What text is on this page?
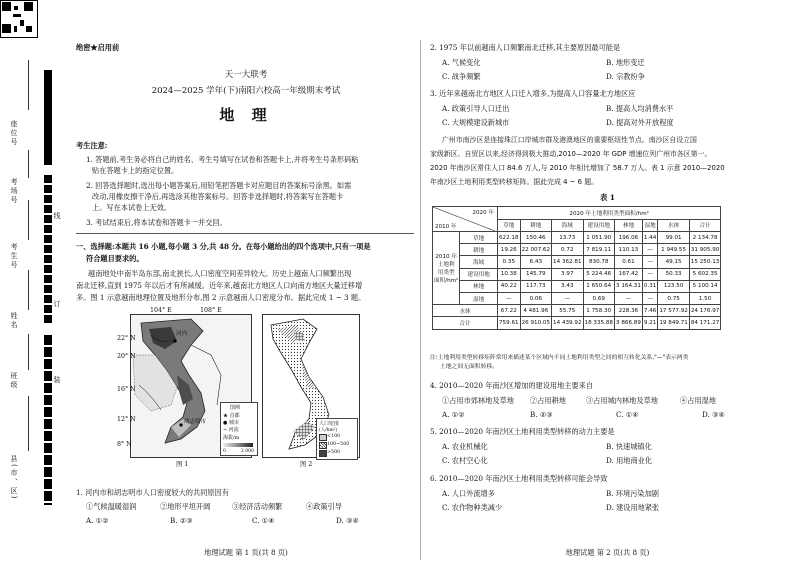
座位号
考场号
考生号
姓名
班级
县(市、区)
线
订
装
绝密★启用前
天一大联考
2024—2025 学年(下)南阳六校高一年级期末考试
地 理
考生注意:
1. 答题前,考生务必将自己的姓名、考生号填写在试卷和答题卡上,并将考生号条形码粘
贴在答题卡上的指定位置。
2. 回答选择题时,选出每小题答案后,用铅笔把答题卡对应题目的答案标号涂黑。如需
改动,用橡皮擦干净后,再选涂其他答案标号。回答非选择题时,将答案写在答题卡
上。写在本试卷上无效。
3. 考试结束后,将本试卷和答题卡一并交回。
一、选择题:本题共 16 小题,每小题 3 分,共 48 分。在每小题给出的四个选项中,只有一项是
符合题目要求的。
越南地处中南半岛东部,南北狭长,人口密度空间差异较大。历史上越南人口频繁出现
南北迁移,直到 1975 年以后才有所减缓。近年来,越南北方地区人口向南方地区大量迁移增
多。图 1 示意越南地理位置及地形分布,图 2 示意越南人口密度分布。据此完成 1 ~ 3 题。
104° E	108° E
22° N
20° N
16° N
12° N
8° N
河内
胡志明市
图例
★ 首都
● 城市
~ 河流
海拔/m
0	2 000
图 1
人口密度
(人/km²)
<100
100~500
>500
图 2
1. 河内市和胡志明市人口密度较大的共同原因有
①气候温暖湿润	②地形平坦开阔	③经济活动频繁	④政策引导
A. ①②	B. ②③	C. ①④	D. ③④
地理试题 第 1 页(共 8 页)
2. 1975 年以前越南人口频繁南北迁移,其主要原因最可能是
A. 气候变化	B. 地形变迁
C. 战争频繁	D. 宗教纷争
3. 近年来越南北方地区人口迁入增多,为提高人口容量北方地区应
A. 政策引导人口迁出	B. 提高人均消费水平
C. 大规模建设新城市	D. 提高对外开放程度
广州市南沙区是连接珠江口岸城市群及港澳地区的重要枢纽性节点。南沙区自设立国
家级新区、自贸区以来,经济得到极大推动,2010—2020 年 GDP 增速位列广州市各区第一。
2020 年南沙区常住人口 84.6 万人,与 2010 年相比增加了 58.7 万人。表 1 示意 2010—2020
年南沙区土地利用类型转移矩阵。据此完成 4 ~ 6 题。
表 1
2020 年
2010 年		2020 年土地利用类型面积/hm²							
		草地	耕地	海域	建设用地	林地	湿地	水体	合计

2010 年
土地利
用类型
面积/hm²	草地	622.18	150.46	13.73	1 051.90	196.06	1.44	99.01	2 134.78
	耕地	19.26	22 007.62	0.72	7 819.11	110.13	—	1 949.55	31 905.90
	海域	0.35	6.43	14 362.81	830.78	0.61	—	49.15	15 250.13
	建设用地	10.38	145.79	3.97	5 224.46	167.42	—	50.33	5 602.35
	林地	40.22	117.73	3.43	1 650.64	3 164.31	0.31	123.50	5 100.14
	湿地	—	0.06	—	0.69	—	—	0.75	1.50
水体		67.22	4 481.96	55.75	1 758.30	228.36	7.46	17 577.92	24 176.97
合计		759.61	26 910.05	14 439.92	18 335.88	3 866.89	9.21	19 849.71	84 171.27
注:土地利用类型转移矩阵常用来描述某个区域内不同土地利用类型之间的相互转化关系,"—"表示两类
土地之间无面积转移。
4. 2010—2020 年南沙区增加的建设用地主要来自
①占用市郊林地及草地 ②占用耕地	③占用城内林地及草地	④占用湿地
A. ①②	B. ②③	C. ①④	D. ③④
5. 2010—2020 年南沙区土地利用类型转移的动力主要是
A. 农业机械化	B. 快速城镇化
C. 农村空心化	D. 用地商业化
6. 2010—2020 年南沙区土地利用类型转移可能会导致
A. 人口外流增多	B. 环境污染加剧
C. 农作物种类减少	D. 建设用地紧张
地理试题 第 2 页(共 8 页)
